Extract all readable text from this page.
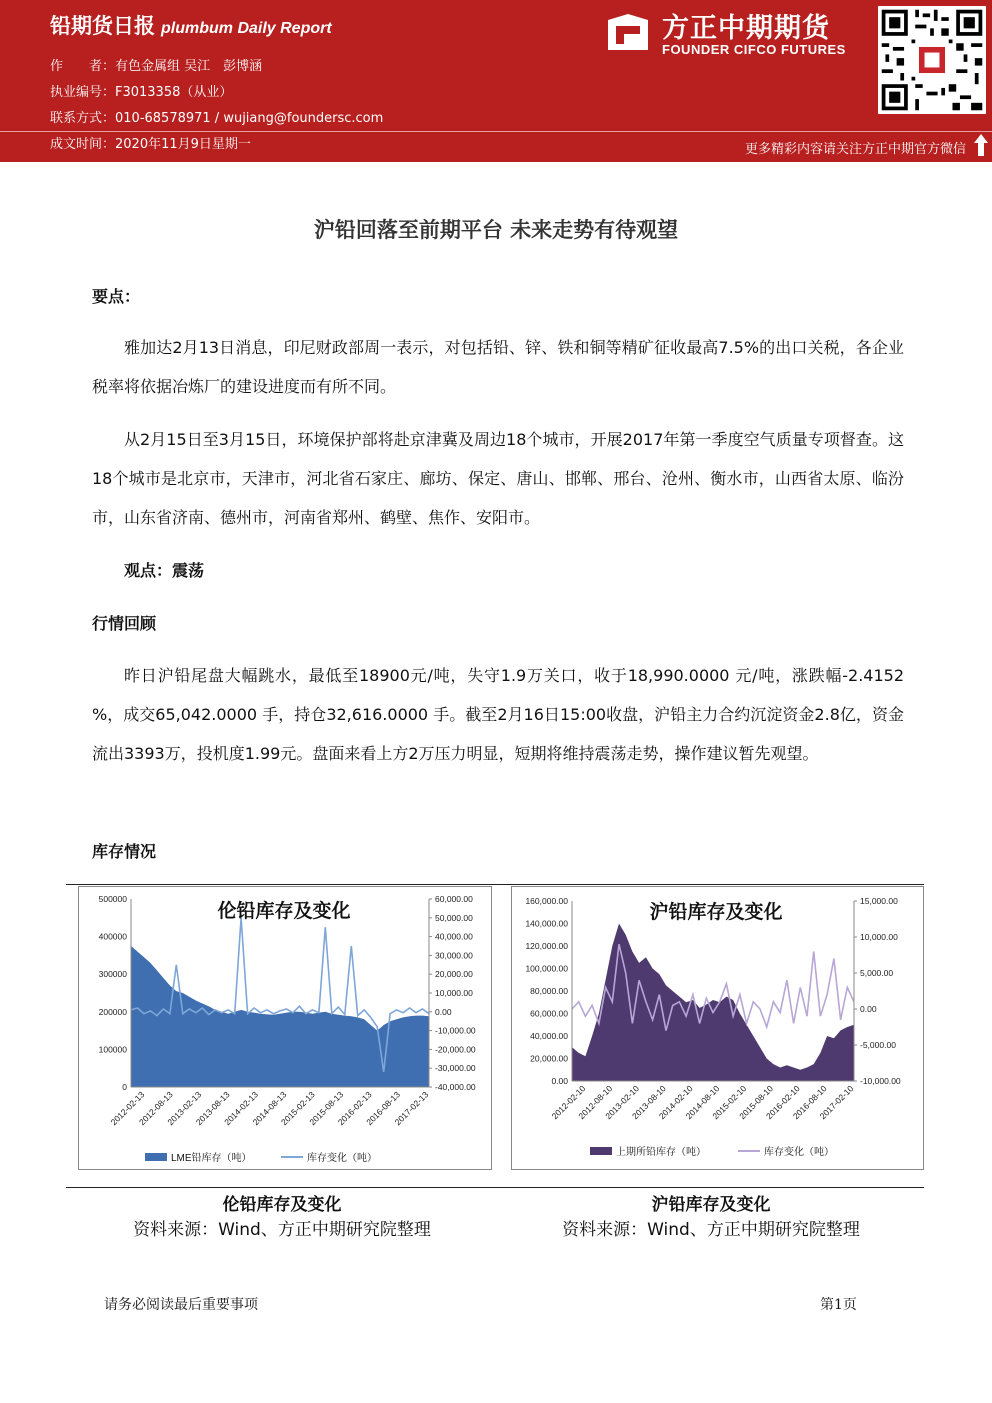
铅期货日报 plumbum Daily Report
作　　者：有色金属组 吴江　彭博涵
执业编号：F3013358（从业）
联系方式：010-68578971 / wujiang@foundersc.com
成文时间：2020年11月9日星期一
方正中期期货
FOUNDER CIFCO FUTURES
更多精彩内容请关注方正中期官方微信
沪铅回落至前期平台 未来走势有待观望
要点：
雅加达2月13日消息，印尼财政部周一表示，对包括铅、锌、铁和铜等精矿征收最高7.5%的出口关税，各企业税率将依据冶炼厂的建设进度而有所不同。
从2月15日至3月15日，环境保护部将赴京津冀及周边18个城市，开展2017年第一季度空气质量专项督查。这18个城市是北京市，天津市，河北省石家庄、廊坊、保定、唐山、邯郸、邢台、沧州、衡水市，山西省太原、临汾市，山东省济南、德州市，河南省郑州、鹤壁、焦作、安阳市。
观点：震荡
行情回顾
昨日沪铅尾盘大幅跳水，最低至18900元/吨，失守1.9万关口，收于18,990.0000 元/吨，涨跌幅-2.4152 %，成交65,042.0000 手，持仓32,616.0000 手。截至2月16日15:00收盘，沪铅主力合约沉淀资金2.8亿，资金流出3393万，投机度1.99元。盘面来看上方2万压力明显，短期将维持震荡走势，操作建议暂先观望。
库存情况
500000
400000
300000
200000
100000
0
60,000.00
50,000.00
40,000.00
30,000.00
20,000.00
10,000.00
0.00
-10,000.00
-20,000.00
-30,000.00
-40,000.00
2012-02-13
2012-08-13
2013-02-13
2013-08-13
2014-02-13
2014-08-13
2015-02-13
2015-08-13
2016-02-13
2016-08-13
2017-02-13
伦铅库存及变化
LME铅库存（吨）	库存变化（吨）
160,000.00
140,000.00
120,000.00
100,000.00
80,000.00
60,000.00
40,000.00
20,000.00
0.00
15,000.00
10,000.00
5,000.00
0.00
-5,000.00
-10,000.00
2012-02-10
2012-08-10
2013-02-10
2013-08-10
2014-02-10
2014-08-10
2015-02-10
2015-08-10
2016-02-10
2016-08-10
2017-02-10
沪铅库存及变化
上期所铅库存（吨）	库存变化（吨）
伦铅库存及变化
资料来源：Wind、方正中期研究院整理
沪铅库存及变化
资料来源：Wind、方正中期研究院整理
请务必阅读最后重要事项	第1页
